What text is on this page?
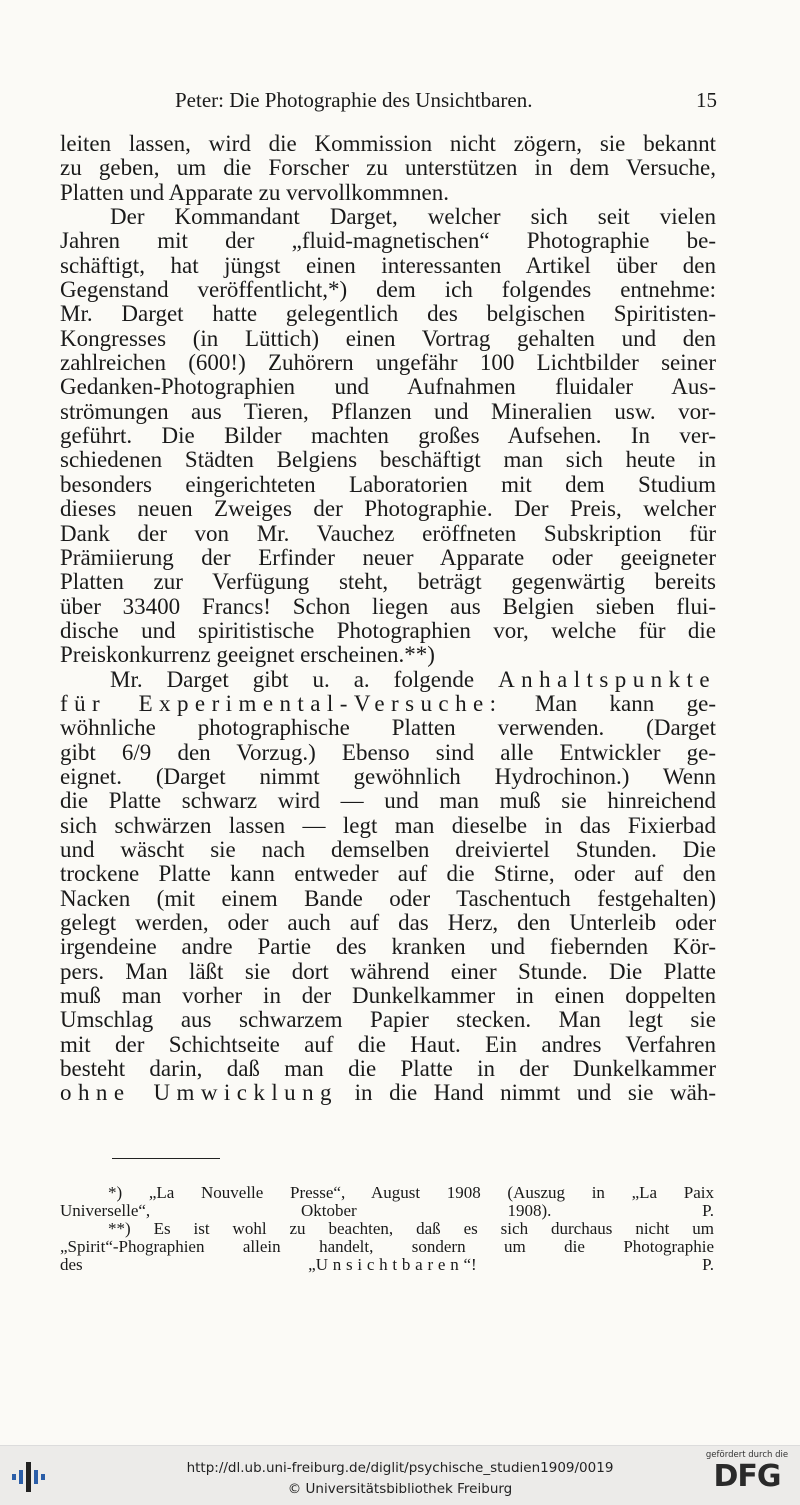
Peter: Die Photographie des Unsichtbaren.	15
leiten lassen, wird die Kommission nicht zögern, sie bekannt
zu geben, um die Forscher zu unterstützen in dem Versuche,
Platten und Apparate zu vervollkommnen.
Der Kommandant Darget, welcher sich seit vielen
Jahren mit der „fluid-magnetischen“ Photographie be-
schäftigt, hat jüngst einen interessanten Artikel über den
Gegenstand veröffentlicht,*) dem ich folgendes entnehme:
Mr. Darget hatte gelegentlich des belgischen Spiritisten-
Kongresses (in Lüttich) einen Vortrag gehalten und den
zahlreichen (600!) Zuhörern ungefähr 100 Lichtbilder seiner
Gedanken-Photographien und Aufnahmen fluidaler Aus-
strömungen aus Tieren, Pflanzen und Mineralien usw. vor-
geführt. Die Bilder machten großes Aufsehen. In ver-
schiedenen Städten Belgiens beschäftigt man sich heute in
besonders eingerichteten Laboratorien mit dem Studium
dieses neuen Zweiges der Photographie. Der Preis, welcher
Dank der von Mr. Vauchez eröffneten Subskription für
Prämiierung der Erfinder neuer Apparate oder geeigneter
Platten zur Verfügung steht, beträgt gegenwärtig bereits
über 33400 Francs! Schon liegen aus Belgien sieben flui-
dische und spiritistische Photographien vor, welche für die
Preiskonkurrenz geeignet erscheinen.**)
Mr. Darget gibt u. a. folgende Anhaltspunkte
für Experimental-Versuche: Man kann ge-
wöhnliche photographische Platten verwenden. (Darget
gibt 6/9 den Vorzug.) Ebenso sind alle Entwickler ge-
eignet. (Darget nimmt gewöhnlich Hydrochinon.) Wenn
die Platte schwarz wird — und man muß sie hinreichend
sich schwärzen lassen — legt man dieselbe in das Fixierbad
und wäscht sie nach demselben dreiviertel Stunden. Die
trockene Platte kann entweder auf die Stirne, oder auf den
Nacken (mit einem Bande oder Taschentuch festgehalten)
gelegt werden, oder auch auf das Herz, den Unterleib oder
irgendeine andre Partie des kranken und fiebernden Kör-
pers. Man läßt sie dort während einer Stunde. Die Platte
muß man vorher in der Dunkelkammer in einen doppelten
Umschlag aus schwarzem Papier stecken. Man legt sie
mit der Schichtseite auf die Haut. Ein andres Verfahren
besteht darin, daß man die Platte in der Dunkelkammer
ohne Umwicklung in die Hand nimmt und sie wäh-
*) „La Nouvelle Presse“, August 1908 (Auszug in „La Paix
Universelle“, Oktober 1908).	P.
**) Es ist wohl zu beachten, daß es sich durchaus nicht um
„Spirit“-Phographien allein handelt, sondern um die Photographie
des „Unsichtbaren“!	P.
http://dl.ub.uni-freiburg.de/diglit/psychische_studien1909/0019
© Universitätsbibliothek Freiburg
gefördert durch die
DFG
